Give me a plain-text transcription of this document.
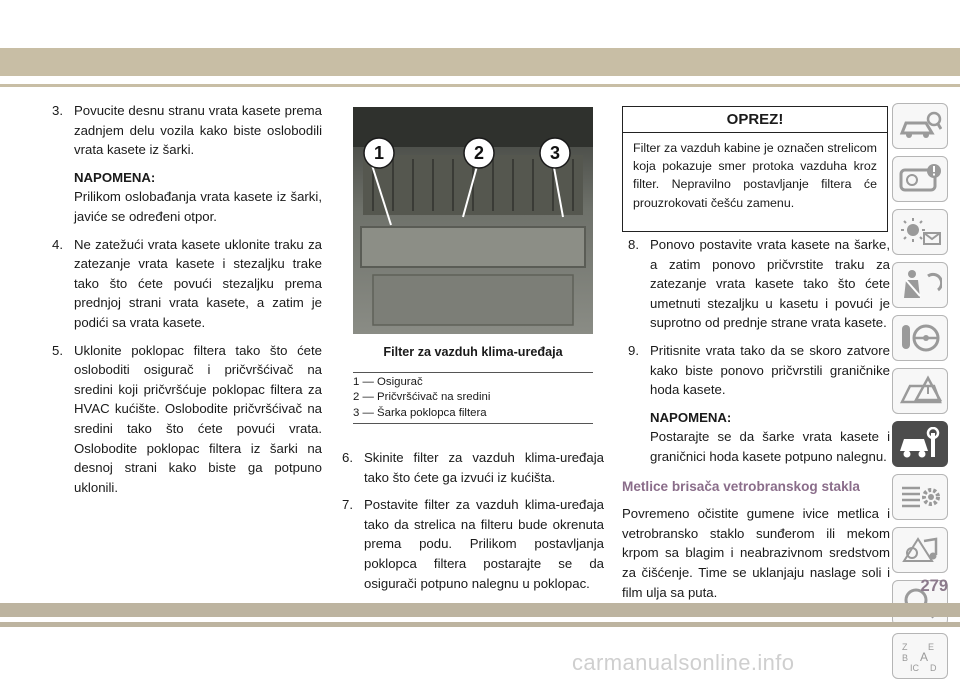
3. Povucite desnu stranu vrata kasete prema zadnjem delu vozila kako biste oslobodili vrata kasete iz šarki.
NAPOMENA:
Prilikom oslobađanja vrata kasete iz šarki, javiće se određeni otpor.
4. Ne zatežući vrata kasete uklonite traku za zatezanje vrata kasete i stezaljku trake tako što ćete povući stezaljku prema prednjoj strani vrata kasete, a zatim je podići sa vrata kasete.
5. Uklonite poklopac filtera tako što ćete osloboditi osigurač i pričvršćivač na sredini koji pričvršćuje poklopac filtera za HVAC kućište. Oslobodite pričvršćivač na sredini tako što ćete povući vrata. Oslobodite poklopac filtera iz šarki na desnoj strani kako biste ga potpuno uklonili.
1	2	3
Filter za vazduh klima-uređaja
1 — Osigurač
2 — Pričvršćivač na sredini
3 — Šarka poklopca filtera
6. Skinite filter za vazduh klima-uređaja tako što ćete ga izvući iz kućišta.
7. Postavite filter za vazduh klima-uređaja tako da strelica na filteru bude okrenuta prema podu. Prilikom postavljanja poklopca filtera postarajte se da osigurači potpuno nalegnu u poklopac.
OPREZ!
Filter za vazduh kabine je označen strelicom koja pokazuje smer protoka vazduha kroz filter. Nepravilno postavljanje filtera će prouzrokovati češću zamenu.
8. Ponovo postavite vrata kasete na šarke, a zatim ponovo pričvrstite traku za zatezanje vrata kasete tako što ćete umetnuti stezaljku u kasetu i povući je suprotno od prednje strane vrata kasete.
9. Pritisnite vrata tako da se skoro zatvore kako biste ponovo pričvrstili graničnike hoda kasete.
NAPOMENA:
Postarajte se da šarke vrata kasete i graničnici hoda kasete potpuno nalegnu.
Metlice brisača vetrobranskog stakla
Povremeno očistite gumene ivice metlica i vetrobransko staklo sunđerom ili mekom krpom sa blagim i neabrazivnom sredstvom za čišćenje. Time se uklanjaju naslage soli i film ulja sa puta.
Z E
B A
IC D
279
carmanualsonline.info
